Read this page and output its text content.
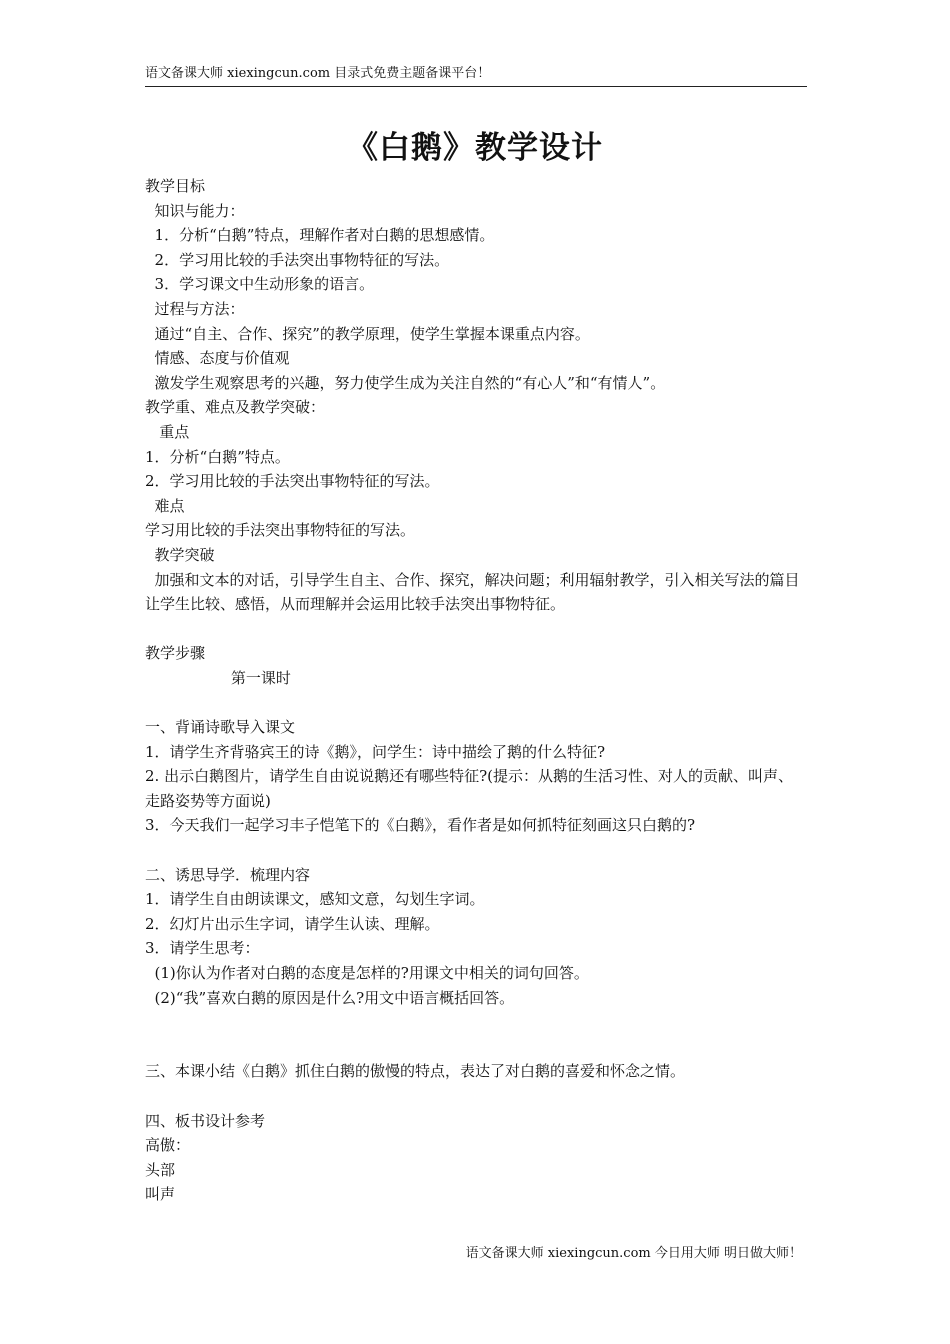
语文备课大师 xiexingcun.com 目录式免费主题备课平台！
《白鹅》教学设计
教学目标
知识与能力：
1．分析“白鹅”特点，理解作者对白鹅的思想感情。
2．学习用比较的手法突出事物特征的写法。
3．学习课文中生动形象的语言。
过程与方法：
通过“自主、合作、探究”的教学原理，使学生掌握本课重点内容。
情感、态度与价值观
激发学生观察思考的兴趣，努力使学生成为关注自然的“有心人”和“有情人”。
教学重、难点及教学突破：
重点
1．分析“白鹅”特点。
2．学习用比较的手法突出事物特征的写法。
难点
学习用比较的手法突出事物特征的写法。
教学突破
加强和文本的对话，引导学生自主、合作、探究，解决问题；利用辐射教学，引入相关写法的篇目让学生比较、感悟，从而理解并会运用比较手法突出事物特征。
教学步骤
第一课时
一、背诵诗歌导入课文
1．请学生齐背骆宾王的诗《鹅》，问学生：诗中描绘了鹅的什么特征?
2. 出示白鹅图片，请学生自由说说鹅还有哪些特征?(提示：从鹅的生活习性、对人的贡献、叫声、走路姿势等方面说)
3．今天我们一起学习丰子恺笔下的《白鹅》，看作者是如何抓特征刻画这只白鹅的?
二、诱思导学．梳理内容
1．请学生自由朗读课文，感知文意，勾划生字词。
2．幻灯片出示生字词，请学生认读、理解。
3．请学生思考：
(1)你认为作者对白鹅的态度是怎样的?用课文中相关的词句回答。
(2)“我”喜欢白鹅的原因是什么?用文中语言概括回答。
三、本课小结《白鹅》抓住白鹅的傲慢的特点，表达了对白鹅的喜爱和怀念之情。
四、板书设计参考
高傲：
头部
叫声
语文备课大师 xiexingcun.com 今日用大师 明日做大师！
